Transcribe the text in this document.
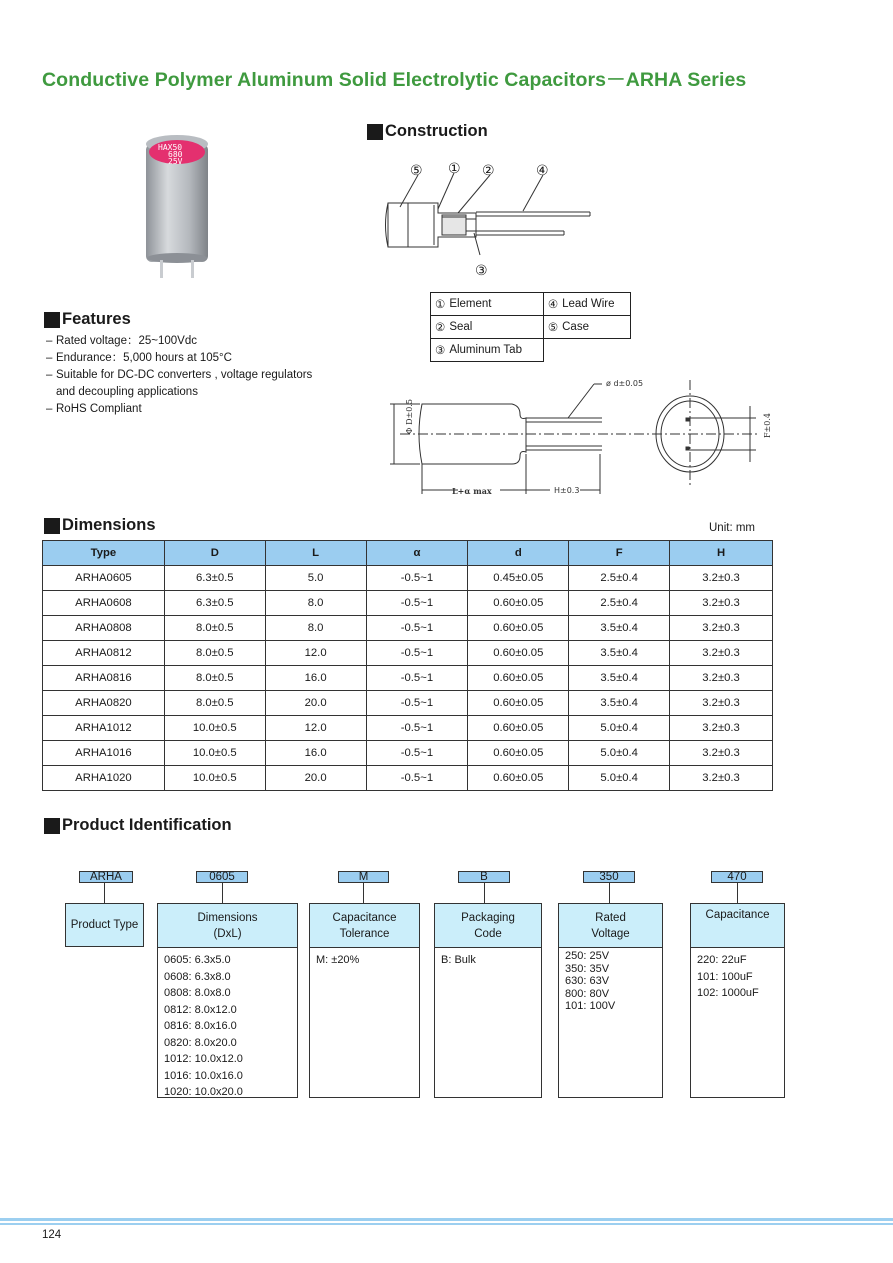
Conductive Polymer Aluminum Solid Electrolytic Capacitors－ARHA Series
HAX50
680
25V
Construction
⑤ ① ②	④
③
①	Element	④	Lead Wire
②	Seal	⑤	Case
③	Aluminum Tab		
Features
– Rated voltage：25~100Vdc
– Endurance：5,000 hours at 105°C
– Suitable for DC-DC converters , voltage regulators
and decoupling applications
– RoHS Compliant	Φ D±0.5
ø d±0.05
L+α max	H±0.3
F±0.4
Dimensions	Unit: mm
Type	D	L	α	d	F	H
ARHA0605	6.3±0.5	5.0	-0.5~1	0.45±0.05	2.5±0.4	3.2±0.3
ARHA0608	6.3±0.5	8.0	-0.5~1	0.60±0.05	2.5±0.4	3.2±0.3
ARHA0808	8.0±0.5	8.0	-0.5~1	0.60±0.05	3.5±0.4	3.2±0.3
ARHA0812	8.0±0.5	12.0	-0.5~1	0.60±0.05	3.5±0.4	3.2±0.3
ARHA0816	8.0±0.5	16.0	-0.5~1	0.60±0.05	3.5±0.4	3.2±0.3
ARHA0820	8.0±0.5	20.0	-0.5~1	0.60±0.05	3.5±0.4	3.2±0.3
ARHA1012	10.0±0.5	12.0	-0.5~1	0.60±0.05	5.0±0.4	3.2±0.3
ARHA1016	10.0±0.5	16.0	-0.5~1	0.60±0.05	5.0±0.4	3.2±0.3
ARHA1020	10.0±0.5	20.0	-0.5~1	0.60±0.05	5.0±0.4	3.2±0.3
Product Identification
ARHA	0605	M	B	350	470
Product Type
Dimensions
(DxL)
0605: 6.3x5.0
0608: 6.3x8.0
0808: 8.0x8.0
0812: 8.0x12.0
0816: 8.0x16.0
0820: 8.0x20.0
1012: 10.0x12.0
1016: 10.0x16.0
1020: 10.0x20.0
Capacitance
Tolerance
M: ±20%
Packaging
Code
B: Bulk
Rated
Voltage
250: 25V
350: 35V
630: 63V
800: 80V
101: 100V
Capacitance
220: 22uF
101: 100uF
102: 1000uF
124
